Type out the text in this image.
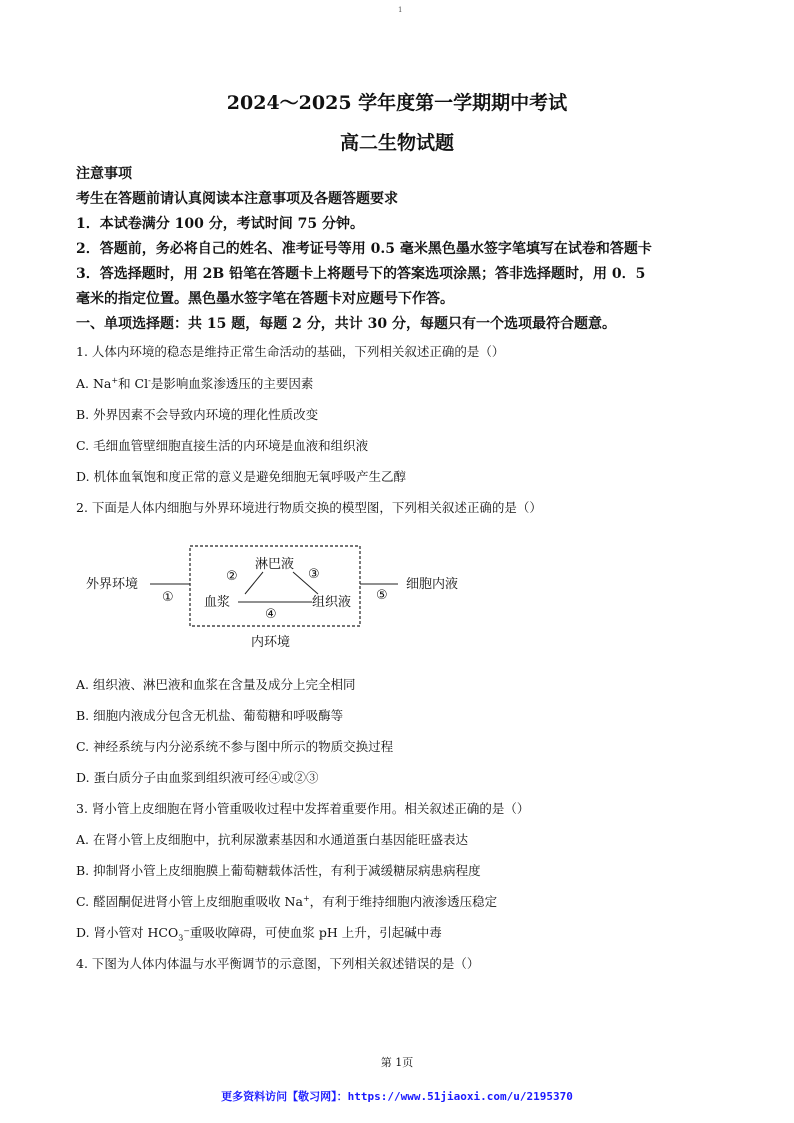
1
2024～2025 学年度第一学期期中考试
高二生物试题
注意事项
考生在答题前请认真阅读本注意事项及各题答题要求
1．本试卷满分 100 分，考试时间 75 分钟。
2．答题前，务必将自己的姓名、准考证号等用 0.5 毫米黑色墨水签字笔填写在试卷和答题卡
3．答选择题时，用 2B 铅笔在答题卡上将题号下的答案选项涂黑；答非选择题时，用 0．5
毫米的指定位置。黑色墨水签字笔在答题卡对应题号下作答。
一、单项选择题：共 15 题，每题 2 分，共计 30 分，每题只有一个选项最符合题意。
1. 人体内环境的稳态是维持正常生命活动的基础，下列相关叙述正确的是（）
A. Na+和 Cl-是影响血浆渗透压的主要因素
B. 外界因素不会导致内环境的理化性质改变
C. 毛细血管壁细胞直接生活的内环境是血液和组织液
D. 机体血氧饱和度正常的意义是避免细胞无氧呼吸产生乙醇
2. 下面是人体内细胞与外界环境进行物质交换的模型图，下列相关叙述正确的是（）
外界环境
①
淋巴液
②	③
血浆
④
组织液 ⑤
细胞内液
内环境
A. 组织液、淋巴液和血浆在含量及成分上完全相同
B. 细胞内液成分包含无机盐、葡萄糖和呼吸酶等
C. 神经系统与内分泌系统不参与图中所示的物质交换过程
D. 蛋白质分子由血浆到组织液可经④或②③
3. 肾小管上皮细胞在肾小管重吸收过程中发挥着重要作用。相关叙述正确的是（）
A. 在肾小管上皮细胞中，抗利尿激素基因和水通道蛋白基因能旺盛表达
B. 抑制肾小管上皮细胞膜上葡萄糖载体活性，有利于减缓糖尿病患病程度
C. 醛固酮促进肾小管上皮细胞重吸收 Na+，有利于维持细胞内液渗透压稳定
D. 肾小管对 $HCO_3^-$重吸收障碍，可使血浆 pH 上升，引起碱中毒
4. 下图为人体内体温与水平衡调节的示意图，下列相关叙述错误的是（）
第 1页
更多资料访问【敬习网】：https://www.51jiaoxi.com/u/2195370
